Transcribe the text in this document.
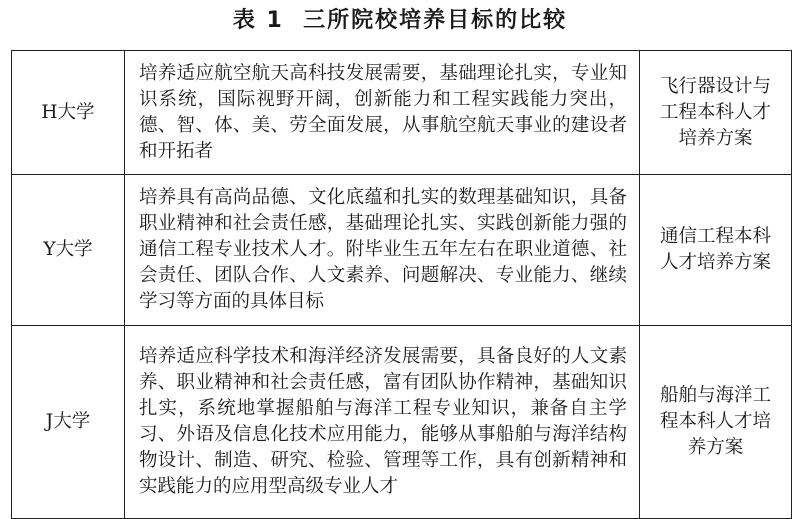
表 1  三所院校培养目标的比较
H大学	培养适应航空航天高科技发展需要，基础理论扎实，专业知识系统，国际视野开阔，创新能力和工程实践能力突出，德、智、体、美、劳全面发展，从事航空航天事业的建设者和开拓者	飞行器设计与工程本科人才培养方案
Y大学	培养具有高尚品德、文化底蕴和扎实的数理基础知识，具备职业精神和社会责任感，基础理论扎实、实践创新能力强的通信工程专业技术人才。附毕业生五年左右在职业道德、社会责任、团队合作、人文素养、问题解决、专业能力、继续学习等方面的具体目标	通信工程本科人才培养方案
J大学	培养适应科学技术和海洋经济发展需要，具备良好的人文素养、职业精神和社会责任感，富有团队协作精神，基础知识扎实，系统地掌握船舶与海洋工程专业知识，兼备自主学习、外语及信息化技术应用能力，能够从事船舶与海洋结构物设计、制造、研究、检验、管理等工作，具有创新精神和实践能力的应用型高级专业人才	船舶与海洋工程本科人才培养方案
